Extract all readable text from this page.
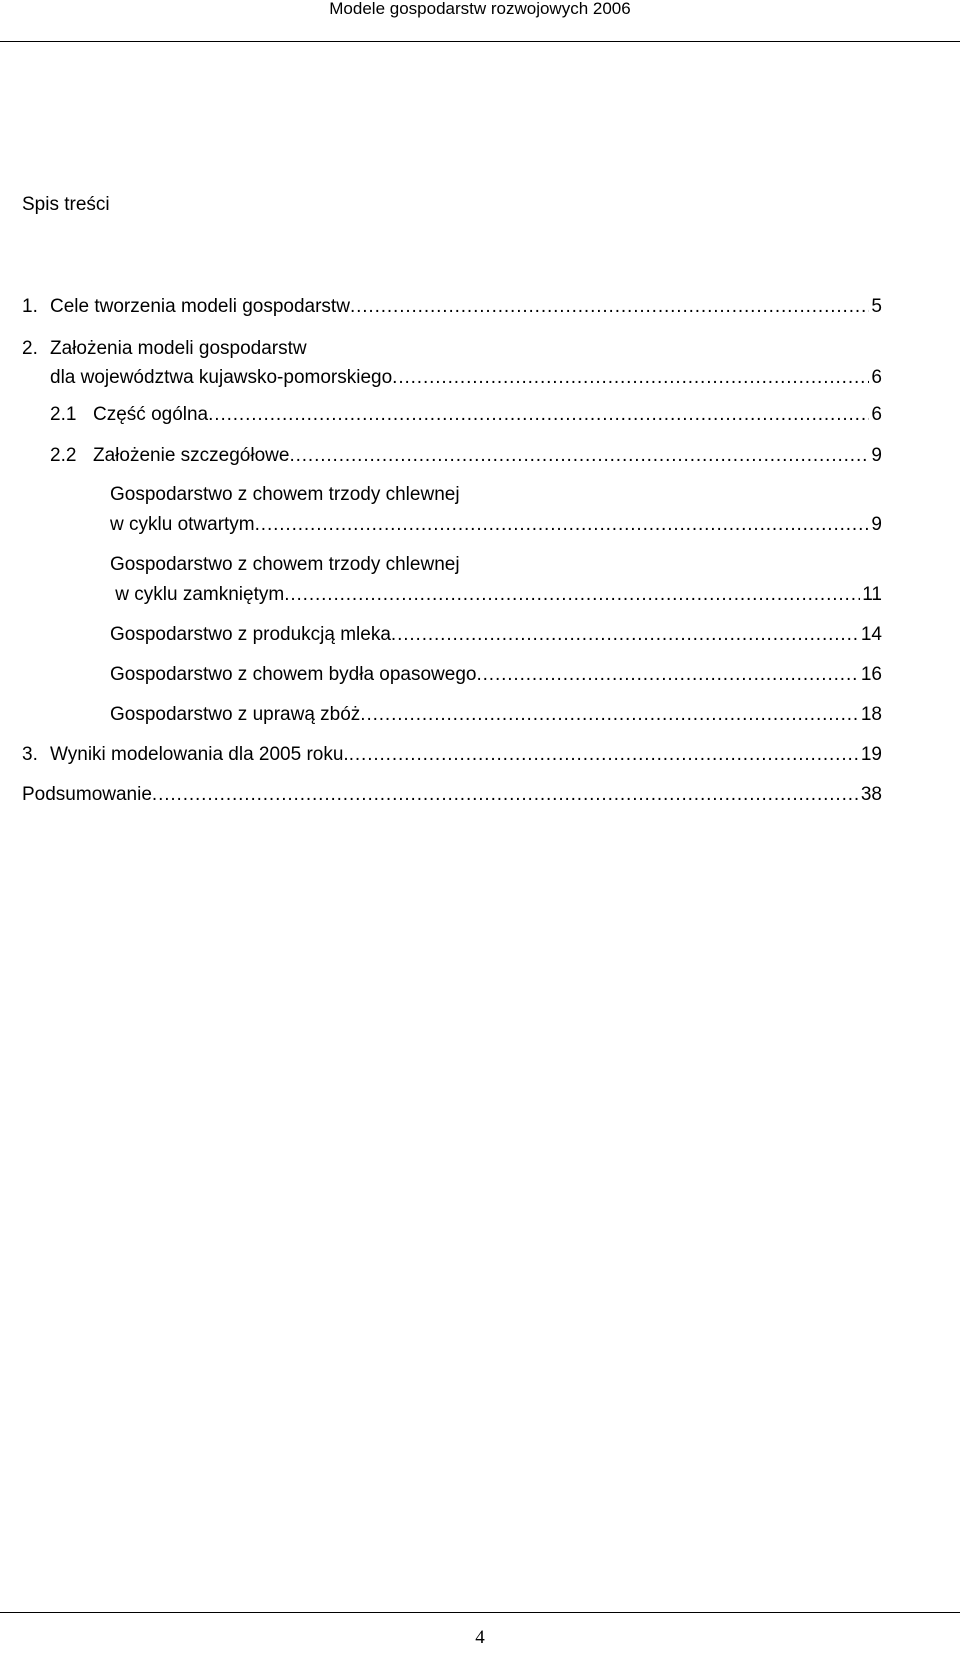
Modele gospodarstw rozwojowych 2006
Spis treści
1. Cele tworzenia modeli gospodarstw . . .	5
2. Założenia modeli gospodarstw
dla województwa kujawsko-pomorskiego . . .	6
2.1 Część ogólna . . .	6
2.2 Założenie szczegółowe . . .	9
Gospodarstwo z chowem trzody chlewnej
w cyklu otwartym . . .	9
Gospodarstwo z chowem trzody chlewnej
w cyklu zamkniętym . . .	11
Gospodarstwo z produkcją mleka . . .	14
Gospodarstwo z chowem bydła opasowego . . .	16
Gospodarstwo z uprawą zbóż . . .	18
3. Wyniki modelowania dla 2005 roku. . . .	19
Podsumowanie . . .	38
4
